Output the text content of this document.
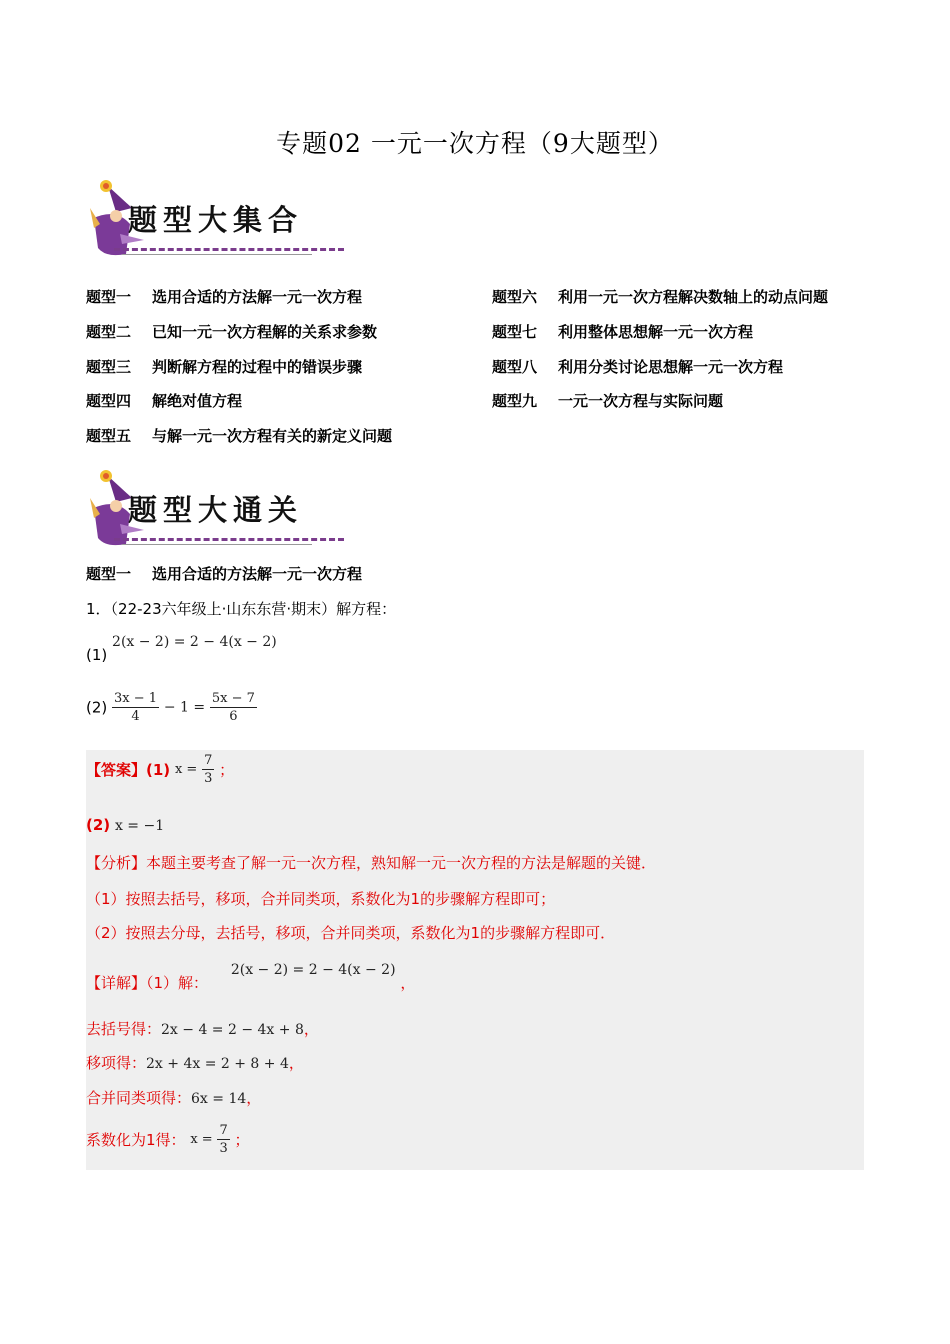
专题02 一元一次方程（9大题型）
题型大集合
题型一 选用合适的方法解一元一次方程
题型二 已知一元一次方程解的关系求参数
题型三 判断解方程的过程中的错误步骤
题型四 解绝对值方程
题型五 与解一元一次方程有关的新定义问题
题型六 利用一元一次方程解决数轴上的动点问题
题型七 利用整体思想解一元一次方程
题型八 利用分类讨论思想解一元一次方程
题型九 一元一次方程与实际问题
题型大通关
题型一 选用合适的方法解一元一次方程
1．（22-23六年级上·山东东营·期末）解方程：
(1) 2(x − 2) = 2 − 4(x − 2)
$(2) \frac{3x - 1}{4} - 1 = \frac{5x - 7}{6}$
【答案】(1) $x = \frac{7}{3}$ ；
(2) x = −1
【分析】本题主要考查了解一元一次方程，熟知解一元一次方程的方法是解题的关键．
（1）按照去括号，移项，合并同类项，系数化为1的步骤解方程即可；
（2）按照去分母，去括号，移项，合并同类项，系数化为1的步骤解方程即可．
【详解】（1）解： 2(x − 2) = 2 − 4(x − 2) ，
去括号得：2x − 4 = 2 − 4x + 8，
移项得：2x + 4x = 2 + 8 + 4，
合并同类项得：6x = 14，
系数化为1得： $x = \frac{7}{3}$ ；
